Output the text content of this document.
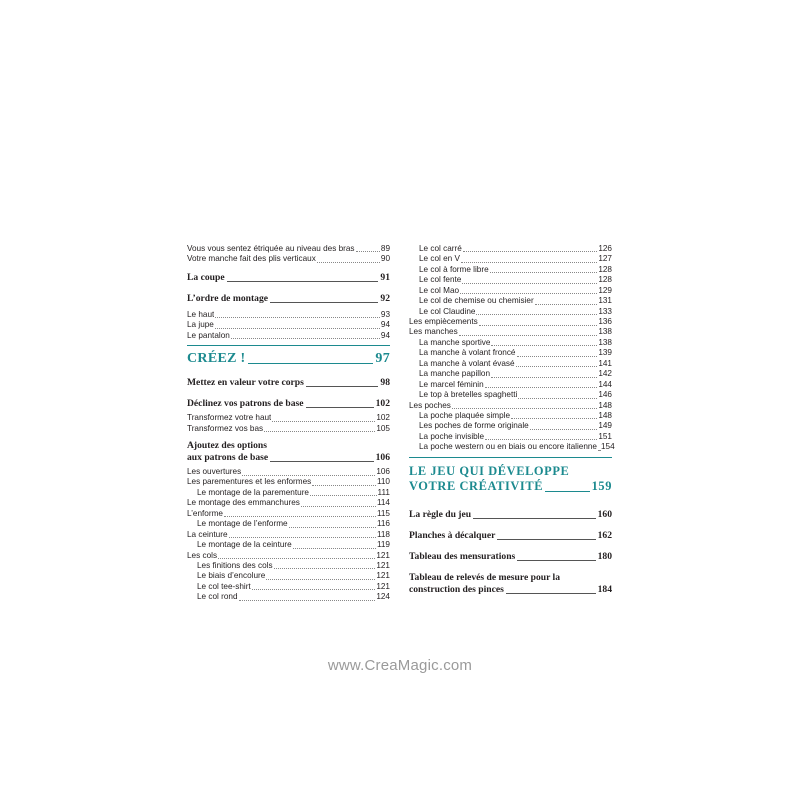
Vous vous sentez étriquée au niveau des bras	89
Votre manche fait des plis verticaux	90
La coupe	91
L’ordre de montage	92
Le haut	93
La jupe	94
Le pantalon	94
CRÉEZ !	97
Mettez en valeur votre corps	98
Déclinez vos patrons de base	102
Transformez votre haut	102
Transformez vos bas	105
Ajoutez des options
aux patrons de base	106
Les ouvertures	106
Les parementures et les enformes	110
Le montage de la parementure	111
Le montage des emmanchures	114
L’enforme	115
Le montage de l’enforme	116
La ceinture	118
Le montage de la ceinture	119
Les cols	121
Les finitions des cols	121
Le biais d’encolure	121
Le col tee-shirt	121
Le col rond	124
Le col carré	126
Le col en V	127
Le col à forme libre	128
Le col fente	128
Le col Mao	129
Le col de chemise ou chemisier	131
Le col Claudine	133
Les empiècements	136
Les manches	138
La manche sportive	138
La manche à volant froncé	139
La manche à volant évasé	141
La manche papillon	142
Le marcel féminin	144
Le top à bretelles spaghetti	146
Les poches	148
La poche plaquée simple	148
Les poches de forme originale	149
La poche invisible	151
La poche western ou en biais ou encore italienne 154
LE JEU QUI DÉVELOPPE
VOTRE CRÉATIVITÉ	159
La règle du jeu	160
Planches à décalquer	162
Tableau des mensurations	180
Tableau de relevés de mesure pour la
construction des pinces	184
www.CreaMagic.com
